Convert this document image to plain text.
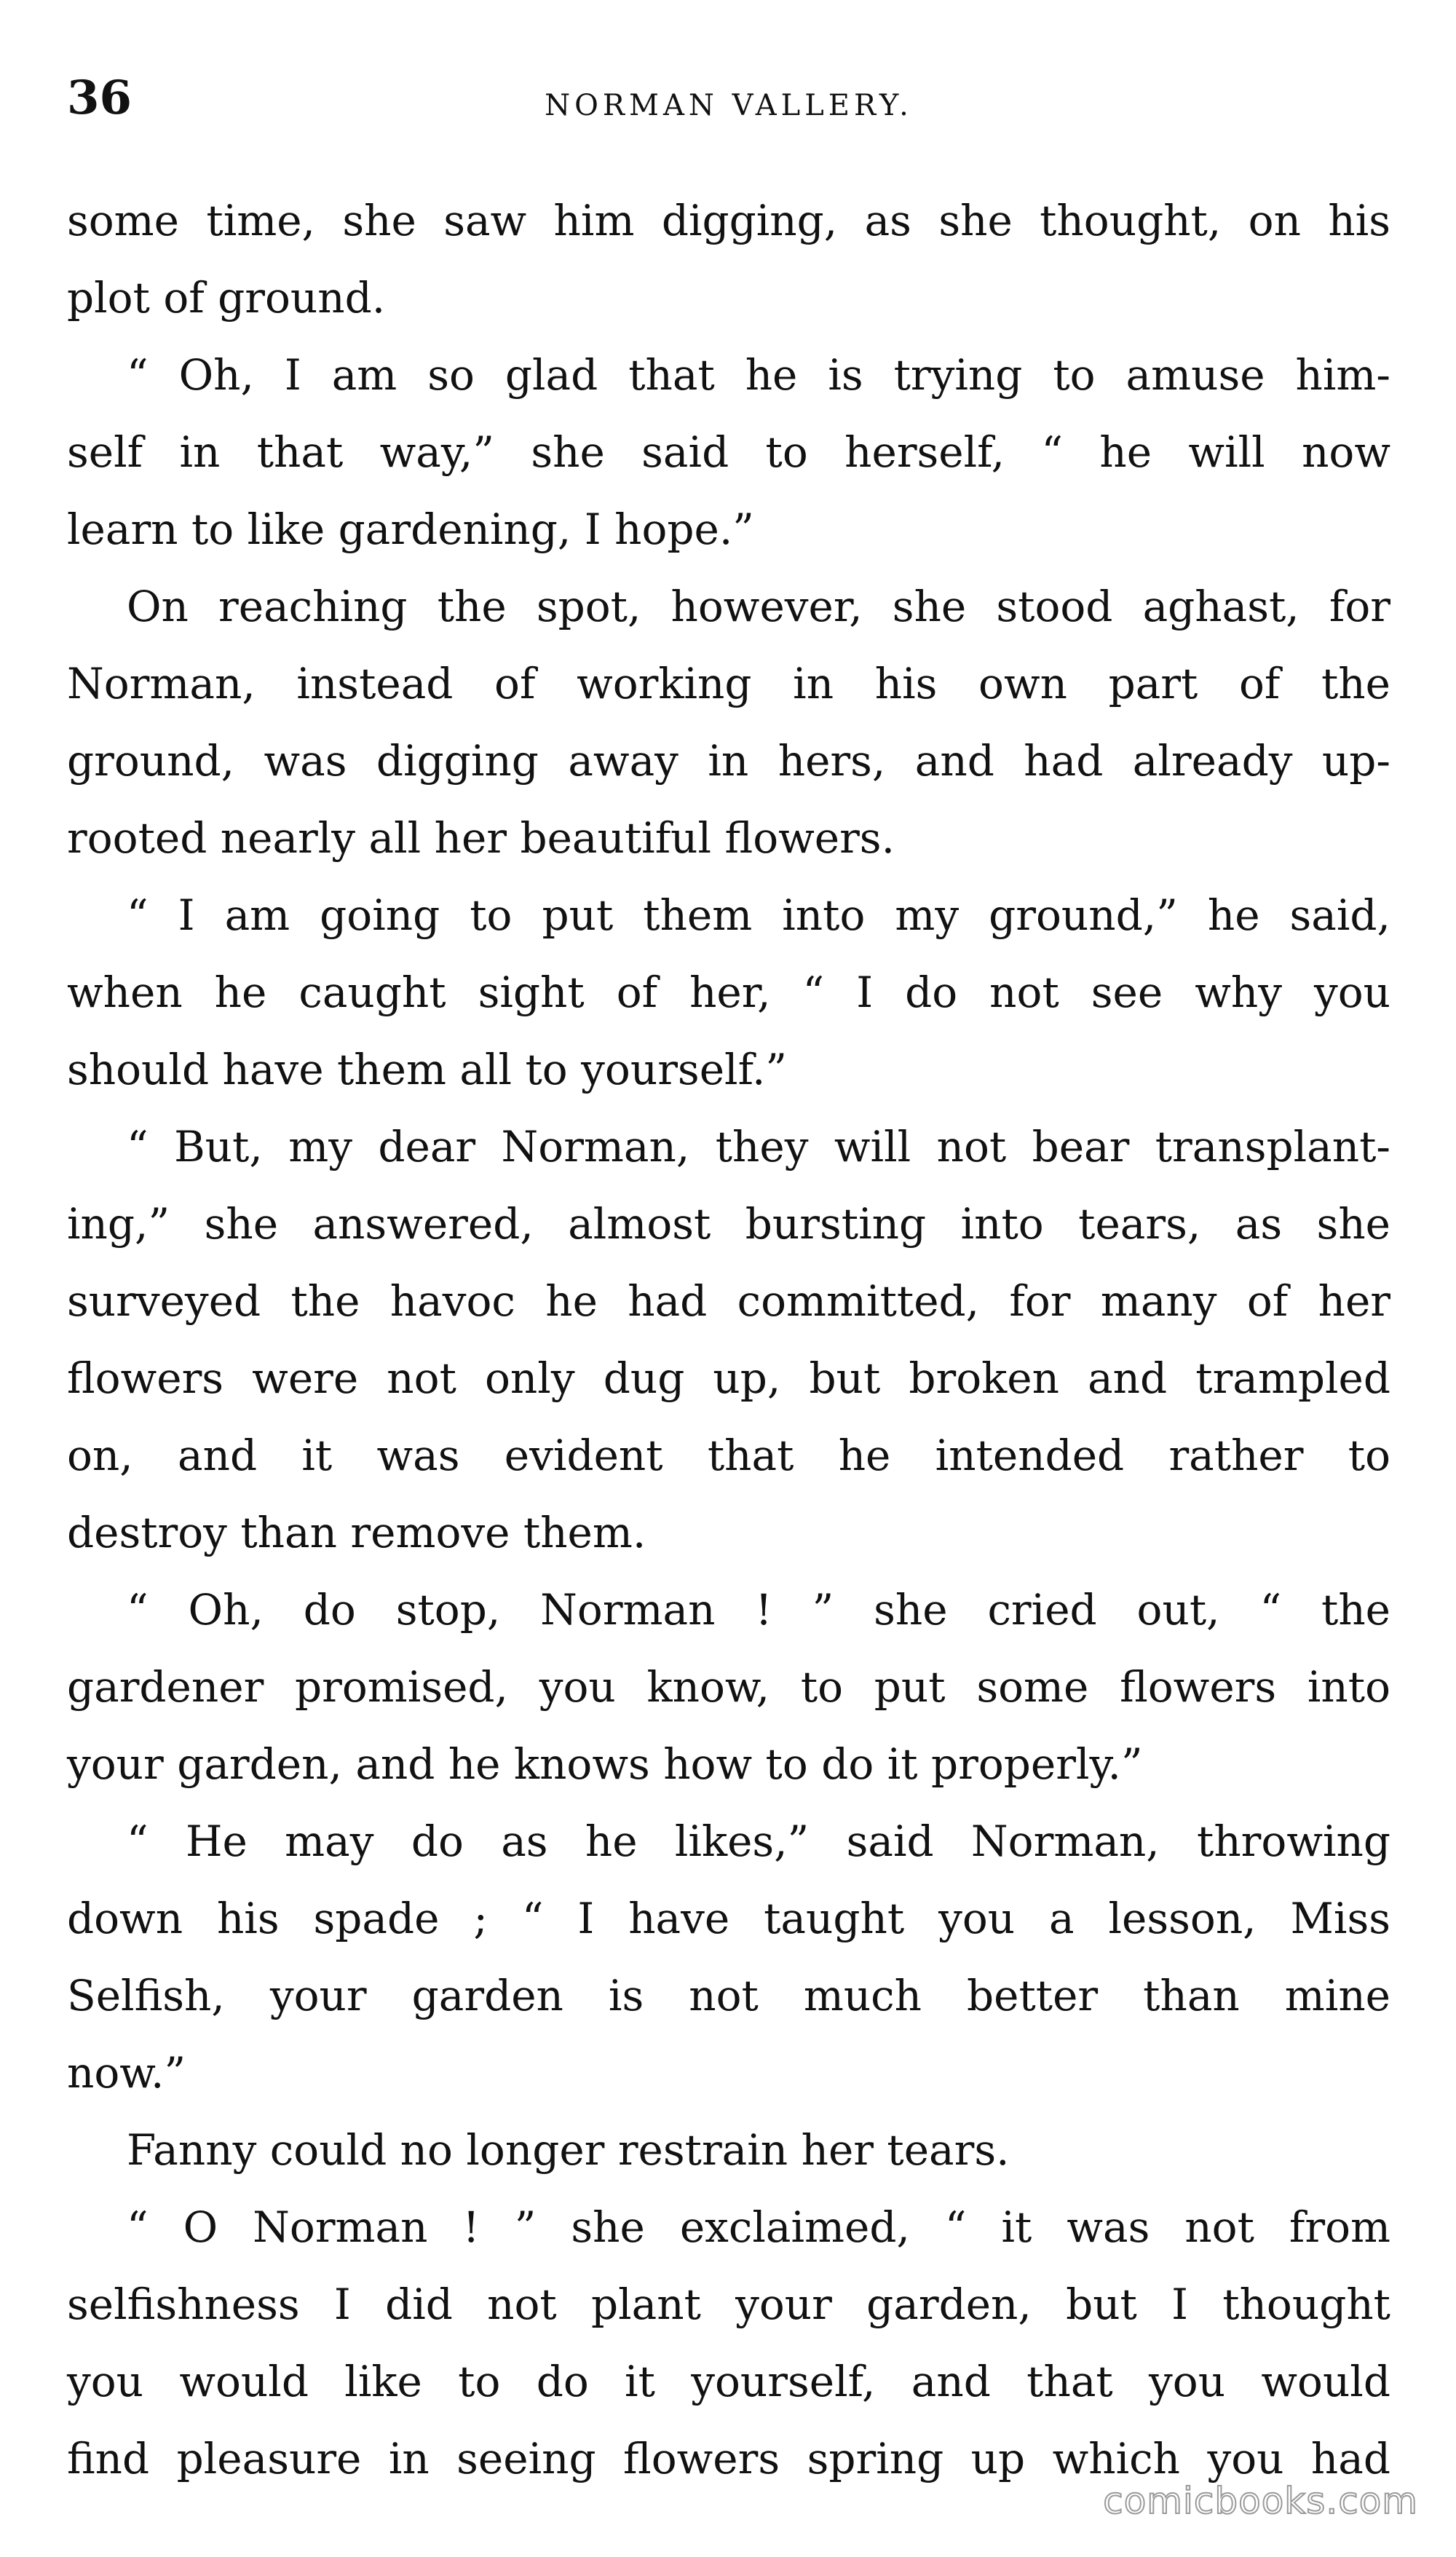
36	NORMAN VALLERY.
some time, she saw him digging, as she thought, on his
plot of ground.
“ Oh, I am so glad that he is trying to amuse him-
self in that way,” she said to herself, “ he will now
learn to like gardening, I hope.”
On reaching the spot, however, she stood aghast, for
Norman, instead of working in his own part of the
ground, was digging away in hers, and had already up-
rooted nearly all her beautiful flowers.
“ I am going to put them into my ground,” he said,
when he caught sight of her, “ I do not see why you
should have them all to yourself.”
“ But, my dear Norman, they will not bear transplant-
ing,” she answered, almost bursting into tears, as she
surveyed the havoc he had committed, for many of her
flowers were not only dug up, but broken and trampled
on, and it was evident that he intended rather to
destroy than remove them.
“ Oh, do stop, Norman ! ” she cried out, “ the
gardener promised, you know, to put some flowers into
your garden, and he knows how to do it properly.”
“ He may do as he likes,” said Norman, throwing
down his spade ; “ I have taught you a lesson, Miss
Selfish, your garden is not much better than mine
now.”
Fanny could no longer restrain her tears.
“ O Norman ! ” she exclaimed, “ it was not from
selfishness I did not plant your garden, but I thought
you would like to do it yourself, and that you would
find pleasure in seeing flowers spring up which you had
comicbooks.com
